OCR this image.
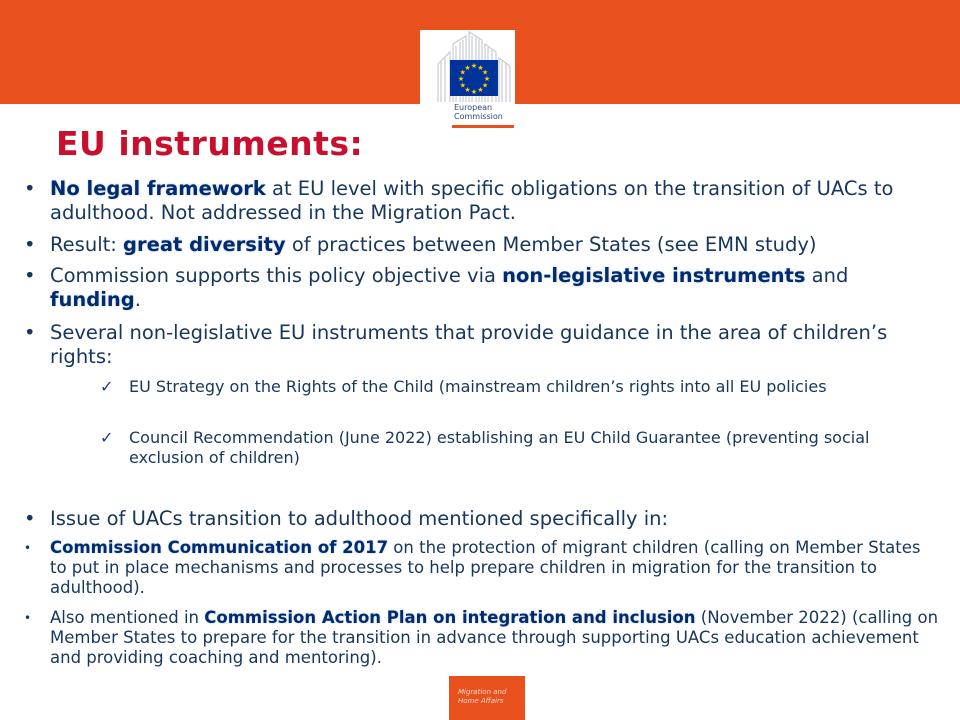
★ ★
★
★
★
★
★
★
★
★
★
★
European
Commission
EU instruments:
• No legal framework at EU level with specific obligations on the transition of UACs to adulthood. Not addressed in the Migration Pact.
• Result: great diversity of practices between Member States (see EMN study)
• Commission supports this policy objective via non-legislative instruments and funding.
• Several non-legislative EU instruments that provide guidance in the area of children’s rights:
✓ EU Strategy on the Rights of the Child (mainstream children’s rights into all EU policies
✓ Council Recommendation (June 2022) establishing an EU Child Guarantee (preventing social exclusion of children)
• Issue of UACs transition to adulthood mentioned specifically in:
• Commission Communication of 2017 on the protection of migrant children (calling on Member States to put in place mechanisms and processes to help prepare children in migration for the transition to adulthood).
• Also mentioned in Commission Action Plan on integration and inclusion (November 2022) (calling on Member States to prepare for the transition in advance through supporting UACs education achievement and providing coaching and mentoring).
Migration and
Home Affairs
